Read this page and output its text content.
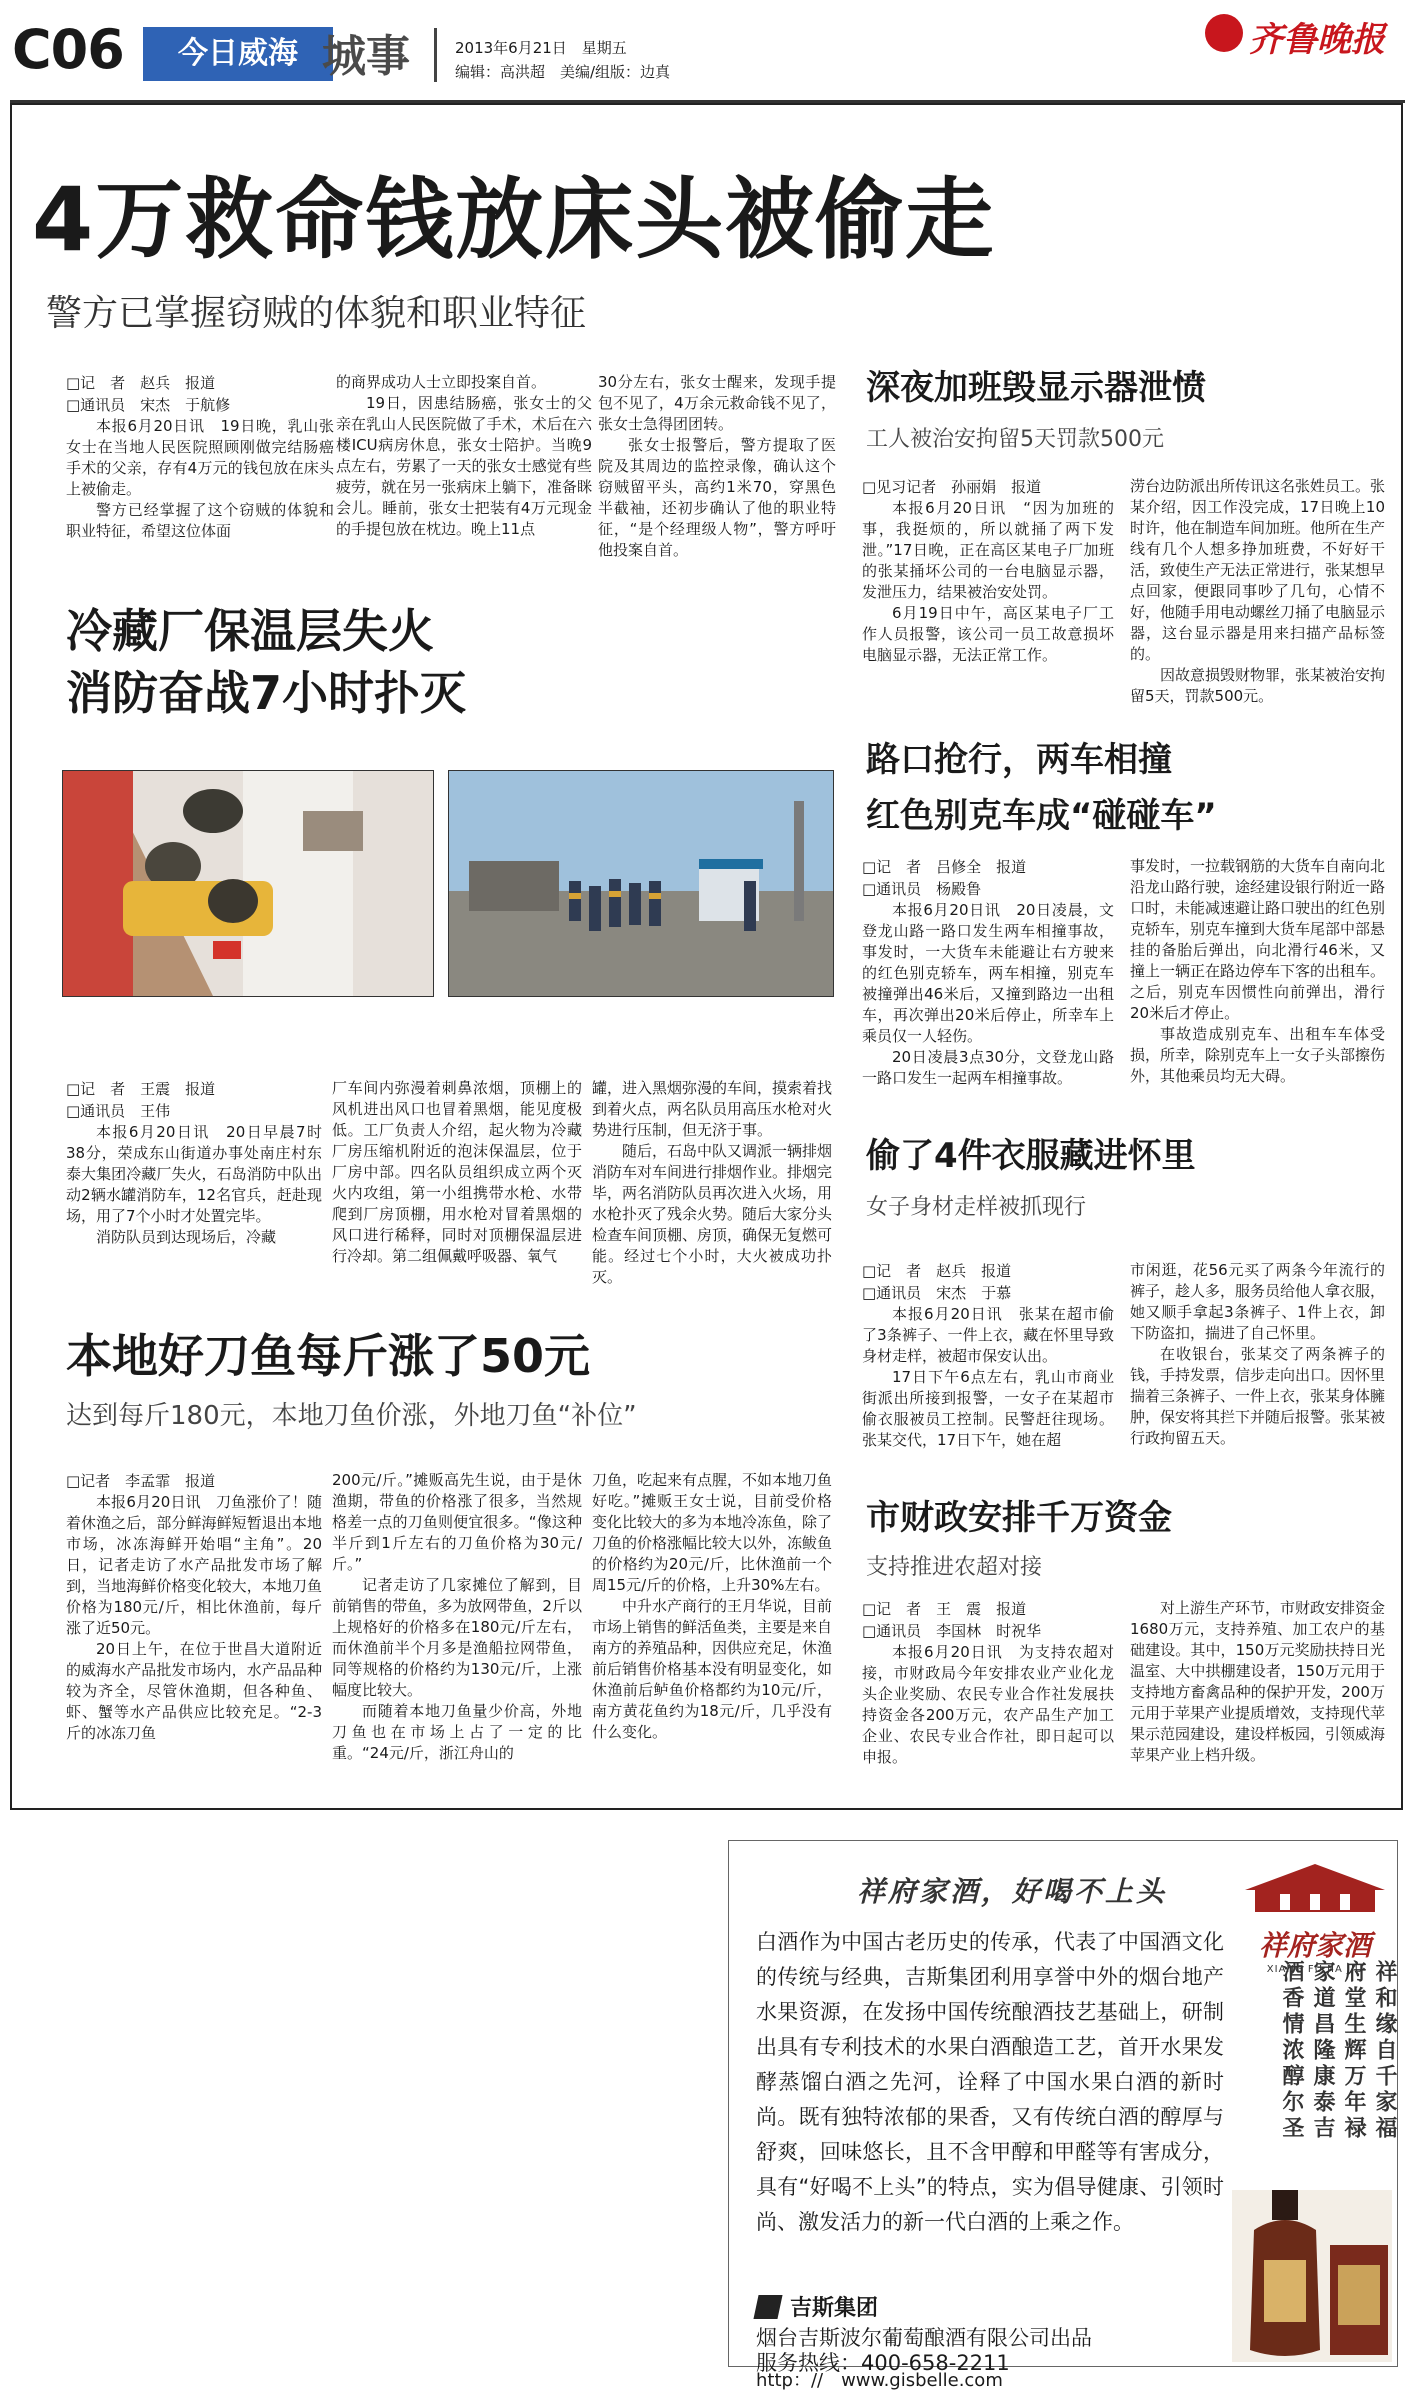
C06	今日威海 城事	2013年6月21日　星期五
编辑：高洪超　美编/组版：边真
齐鲁晚报
4万救命钱放床头被偷走
警方已掌握窃贼的体貌和职业特征

□记　者　赵兵　报道

□通讯员　宋杰　于航修

本报6月20日讯　19日晚，乳山张女士在当地人民医院照顾刚做完结肠癌手术的父亲，存有4万元的钱包放在床头上被偷走。

警方已经掌握了这个窃贼的体貌和职业特征，希望这位体面

的商界成功人士立即投案自首。

19日，因患结肠癌，张女士的父亲在乳山人民医院做了手术，术后在六楼ICU病房休息，张女士陪护。当晚9点左右，劳累了一天的张女士感觉有些疲劳，就在另一张病床上躺下，准备眯会儿。睡前，张女士把装有4万元现金的手提包放在枕边。晚上11点

30分左右，张女士醒来，发现手提包不见了，4万余元救命钱不见了，张女士急得团团转。

张女士报警后，警方提取了医院及其周边的监控录像，确认这个窃贼留平头，高约1米70，穿黑色半截袖，还初步确认了他的职业特征，“是个经理级人物”，警方呼吁他投案自首。

冷藏厂保温层失火
消防奋战7小时扑灭

□记　者　王震　报道

□通讯员　王伟

本报6月20日讯　20日早晨7时38分，荣成东山街道办事处南庄村东泰大集团冷藏厂失火，石岛消防中队出动2辆水罐消防车，12名官兵，赶赴现场，用了7个小时才处置完毕。

消防队员到达现场后，冷藏

厂车间内弥漫着刺鼻浓烟，顶棚上的风机进出风口也冒着黑烟，能见度极低。工厂负责人介绍，起火物为冷藏厂房压缩机附近的泡沫保温层，位于厂房中部。四名队员组织成立两个灭火内攻组，第一小组携带水枪、水带爬到厂房顶棚，用水枪对冒着黑烟的风口进行稀释，同时对顶棚保温层进行冷却。第二组佩戴呼吸器、氧气

罐，进入黑烟弥漫的车间，摸索着找到着火点，两名队员用高压水枪对火势进行压制，但无济于事。

随后，石岛中队又调派一辆排烟消防车对车间进行排烟作业。排烟完毕，两名消防队员再次进入火场，用水枪扑灭了残余火势。随后大家分头检查车间顶棚、房顶，确保无复燃可能。经过七个小时，大火被成功扑灭。

本地好刀鱼每斤涨了50元
达到每斤180元，本地刀鱼价涨，外地刀鱼“补位”

□记者　李孟霏　报道

本报6月20日讯　刀鱼涨价了！随着休渔之后，部分鲜海鲜短暂退出本地市场，冰冻海鲜开始唱“主角”。20日，记者走访了水产品批发市场了解到，当地海鲜价格变化较大，本地刀鱼价格为180元/斤，相比休渔前，每斤涨了近50元。

20日上午，在位于世昌大道附近的威海水产品批发市场内，水产品品种较为齐全，尽管休渔期，但各种鱼、虾、蟹等水产品供应比较充足。“2-3斤的冰冻刀鱼

200元/斤。”摊贩高先生说，由于是休渔期，带鱼的价格涨了很多，当然规格差一点的刀鱼则便宜很多。“像这种半斤到1斤左右的刀鱼价格为30元/斤。”

记者走访了几家摊位了解到，目前销售的带鱼，多为放网带鱼，2斤以上规格好的价格多在180元/斤左右，而休渔前半个月多是渔船拉网带鱼，同等规格的价格约为130元/斤，上涨幅度比较大。

而随着本地刀鱼量少价高，外地刀鱼也在市场上占了一定的比重。“24元/斤，浙江舟山的

刀鱼，吃起来有点腥，不如本地刀鱼好吃。”摊贩王女士说，目前受价格变化比较大的多为本地冷冻鱼，除了刀鱼的价格涨幅比较大以外，冻鲅鱼的价格约为20元/斤，比休渔前一个周15元/斤的价格，上升30%左右。

中升水产商行的王月华说，目前市场上销售的鲜活鱼类，主要是来自南方的养殖品种，因供应充足，休渔前后销售价格基本没有明显变化，如休渔前后鲈鱼价格都约为10元/斤，南方黄花鱼约为18元/斤，几乎没有什么变化。

深夜加班毁显示器泄愤
工人被治安拘留5天罚款500元

□见习记者　孙丽娟　报道

本报6月20日讯　“因为加班的事，我挺烦的，所以就捅了两下发泄。”17日晚，正在高区某电子厂加班的张某捅坏公司的一台电脑显示器，发泄压力，结果被治安处罚。

6月19日中午，高区某电子厂工作人员报警，该公司一员工故意损坏电脑显示器，无法正常工作。

涝台边防派出所传讯这名张姓员工。张某介绍，因工作没完成，17日晚上10时许，他在制造车间加班。他所在生产线有几个人想多挣加班费，不好好干活，致使生产无法正常进行，张某想早点回家，便跟同事吵了几句，心情不好，他随手用电动螺丝刀捅了电脑显示器，这台显示器是用来扫描产品标签的。

因故意损毁财物罪，张某被治安拘留5天，罚款500元。

路口抢行，两车相撞
红色别克车成“碰碰车”

□记　者　吕修全　报道

□通讯员　杨殿鲁

本报6月20日讯　20日凌晨，文登龙山路一路口发生两车相撞事故，事发时，一大货车未能避让右方驶来的红色别克轿车，两车相撞，别克车被撞弹出46米后，又撞到路边一出租车，再次弹出20米后停止，所幸车上乘员仅一人轻伤。

20日凌晨3点30分，文登龙山路一路口发生一起两车相撞事故。

事发时，一拉载钢筋的大货车自南向北沿龙山路行驶，途经建设银行附近一路口时，未能减速避让路口驶出的红色别克轿车，别克车撞到大货车尾部中部悬挂的备胎后弹出，向北滑行46米，又撞上一辆正在路边停车下客的出租车。之后，别克车因惯性向前弹出，滑行20米后才停止。

事故造成别克车、出租车车体受损，所幸，除别克车上一女子头部擦伤外，其他乘员均无大碍。

偷了4件衣服藏进怀里
女子身材走样被抓现行

□记　者　赵兵　报道

□通讯员　宋杰　于慕

本报6月20日讯　张某在超市偷了3条裤子、一件上衣，藏在怀里导致身材走样，被超市保安认出。

17日下午6点左右，乳山市商业街派出所接到报警，一女子在某超市偷衣服被员工控制。民警赶往现场。张某交代，17日下午，她在超

市闲逛，花56元买了两条今年流行的裤子，趁人多，服务员给他人拿衣服，她又顺手拿起3条裤子、1件上衣，卸下防盗扣，揣进了自己怀里。

在收银台，张某交了两条裤子的钱，手持发票，信步走向出口。因怀里揣着三条裤子、一件上衣，张某身体臃肿，保安将其拦下并随后报警。张某被行政拘留五天。

市财政安排千万资金
支持推进农超对接

□记　者　王　震　报道

□通讯员　李国林　时祝华

本报6月20日讯　为支持农超对接，市财政局今年安排农业产业化龙头企业奖励、农民专业合作社发展扶持资金各200万元，农产品生产加工企业、农民专业合作社，即日起可以申报。

对上游生产环节，市财政安排资金1680万元，支持养殖、加工农户的基础建设。其中，150万元奖励扶持日光温室、大中拱棚建设者，150万元用于支持地方畜禽品种的保护开发，200万元用于苹果产业提质增效，支持现代苹果示范园建设，建设样板园，引领威海苹果产业上档升级。

祥府家酒，好喝不上头
白酒作为中国古老历史的传承，代表了中国酒文化的传统与经典，吉斯集团利用享誉中外的烟台地产水果资源，在发扬中国传统酿酒技艺基础上，研制出具有专利技术的水果白酒酿造工艺，首开水果发酵蒸馏白酒之先河，诠释了中国水果白酒的新时尚。既有独特浓郁的果香，又有传统白酒的醇厚与舒爽，回味悠长，且不含甲醇和甲醛等有害成分，具有“好喝不上头”的特点，实为倡导健康、引领时尚、激发活力的新一代白酒的上乘之作。
吉斯集团
烟台吉斯波尔葡萄酿酒有限公司出品
服务热线：400-658-2211
http：//　www.gisbelle.com
祥府家酒
XIANG FU JIA JIU 祥和缘自千家福
府堂生辉万年禄
家道昌隆康泰吉
酒香情浓醇尔圣
